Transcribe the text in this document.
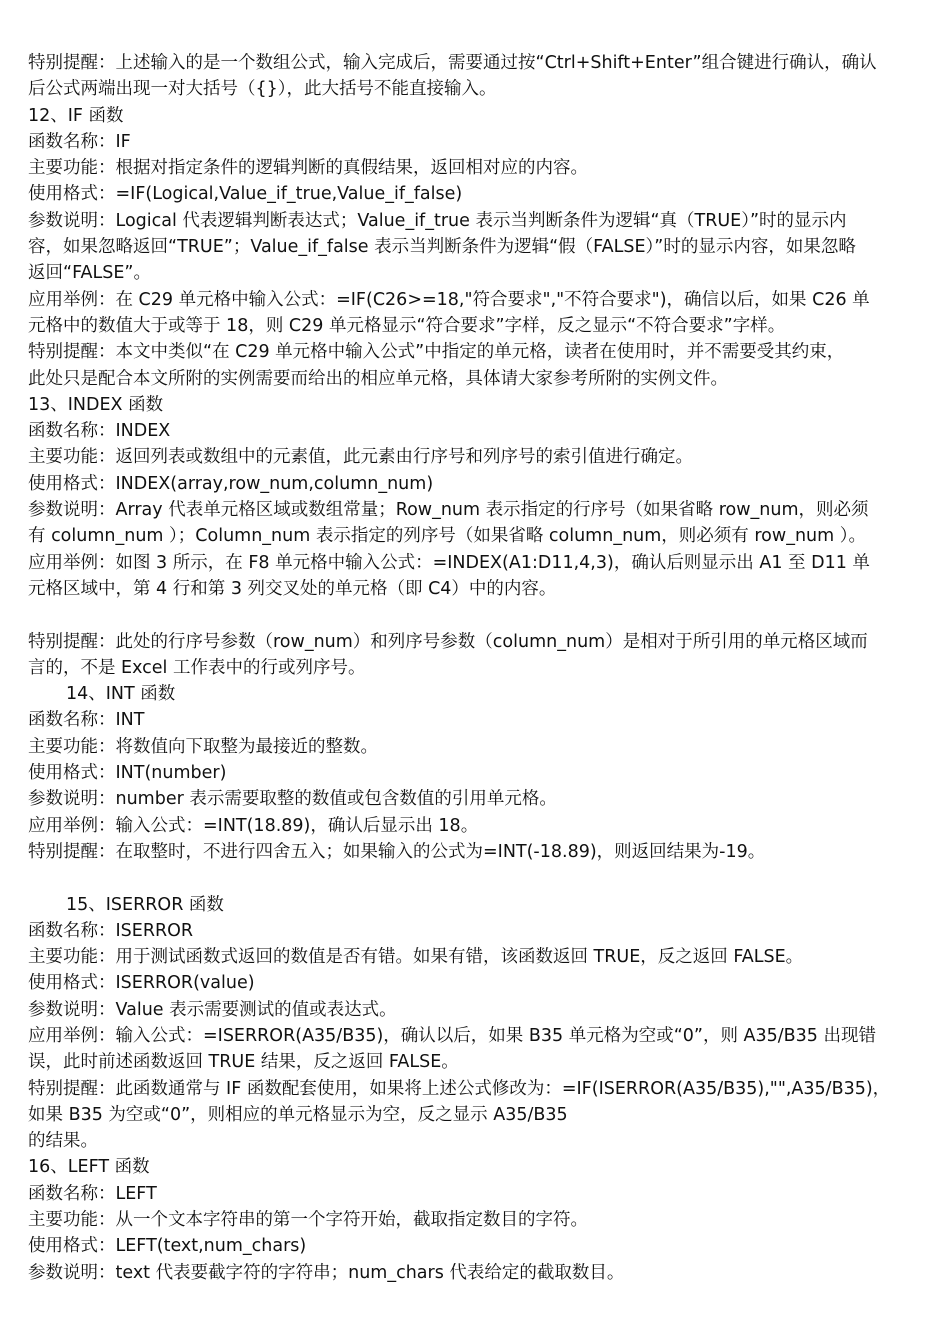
特别提醒：上述输入的是一个数组公式，输入完成后，需要通过按“Ctrl+Shift+Enter”组合键进行确认，确认
后公式两端出现一对大括号（{}），此大括号不能直接输入。
12、IF 函数
函数名称：IF
主要功能：根据对指定条件的逻辑判断的真假结果，返回相对应的内容。
使用格式：=IF(Logical,Value_if_true,Value_if_false)
参数说明：Logical 代表逻辑判断表达式；Value_if_true 表示当判断条件为逻辑“真（TRUE）”时的显示内
容，如果忽略返回“TRUE”；Value_if_false 表示当判断条件为逻辑“假（FALSE）”时的显示内容，如果忽略
返回“FALSE”。
应用举例：在 C29 单元格中输入公式：=IF(C26>=18,"符合要求","不符合要求")，确信以后，如果 C26 单
元格中的数值大于或等于 18，则 C29 单元格显示“符合要求”字样，反之显示“不符合要求”字样。
特别提醒：本文中类似“在 C29 单元格中输入公式”中指定的单元格，读者在使用时，并不需要受其约束，
此处只是配合本文所附的实例需要而给出的相应单元格，具体请大家参考所附的实例文件。
13、INDEX 函数
函数名称：INDEX
主要功能：返回列表或数组中的元素值，此元素由行序号和列序号的索引值进行确定。
使用格式：INDEX(array,row_num,column_num)
参数说明：Array 代表单元格区域或数组常量；Row_num 表示指定的行序号（如果省略 row_num，则必须
有 column_num ）；Column_num 表示指定的列序号（如果省略 column_num，则必须有 row_num ）。
应用举例：如图 3 所示，在 F8 单元格中输入公式：=INDEX(A1:D11,4,3)，确认后则显示出 A1 至 D11 单
元格区域中，第 4 行和第 3 列交叉处的单元格（即 C4）中的内容。
特别提醒：此处的行序号参数（row_num）和列序号参数（column_num）是相对于所引用的单元格区域而
言的，不是 Excel 工作表中的行或列序号。
14、INT 函数
函数名称：INT
主要功能：将数值向下取整为最接近的整数。
使用格式：INT(number)
参数说明：number 表示需要取整的数值或包含数值的引用单元格。
应用举例：输入公式：=INT(18.89)，确认后显示出 18。
特别提醒：在取整时，不进行四舍五入；如果输入的公式为=INT(-18.89)，则返回结果为-19。
15、ISERROR 函数
函数名称：ISERROR
主要功能：用于测试函数式返回的数值是否有错。如果有错，该函数返回 TRUE，反之返回 FALSE。
使用格式：ISERROR(value)
参数说明：Value 表示需要测试的值或表达式。
应用举例：输入公式：=ISERROR(A35/B35)，确认以后，如果 B35 单元格为空或“0”，则 A35/B35 出现错
误，此时前述函数返回 TRUE 结果，反之返回 FALSE。
特别提醒：此函数通常与 IF 函数配套使用，如果将上述公式修改为：=IF(ISERROR(A35/B35),"",A35/B35)，
如果 B35 为空或“0”，则相应的单元格显示为空，反之显示 A35/B35
的结果。
16、LEFT 函数
函数名称：LEFT
主要功能：从一个文本字符串的第一个字符开始，截取指定数目的字符。
使用格式：LEFT(text,num_chars)
参数说明：text 代表要截字符的字符串；num_chars 代表给定的截取数目。
